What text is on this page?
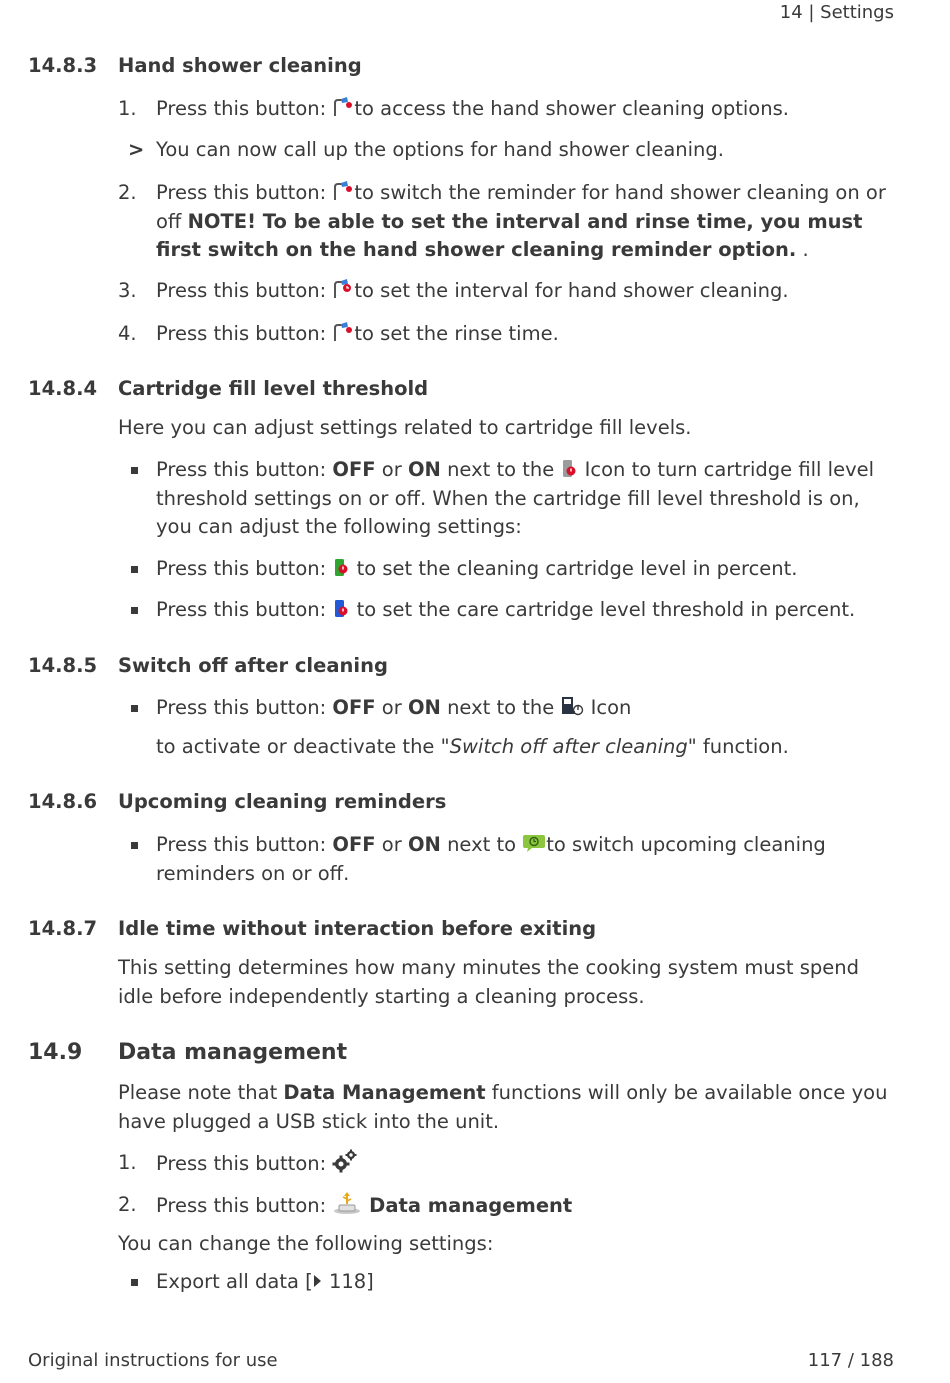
14 | Settings
14.8.3 Hand shower cleaning
1. Press this button:
to access the hand shower cleaning options.
> You can now call up the options for hand shower cleaning.
2. Press this button:
to switch the reminder for hand shower cleaning on or off NOTE! To be able to set the interval and rinse time, you must first switch on the hand shower cleaning reminder option. .
3. Press this button:
to set the interval for hand shower cleaning.
4. Press this button:
to set the rinse time.
14.8.4 Cartridge fill level threshold
Here you can adjust settings related to cartridge fill levels.
Press this button: OFF or ON next to the
Icon to turn cartridge fill level threshold settings on or off. When the cartridge fill level threshold is on, you can adjust the following settings:
Press this button:
to set the cleaning cartridge level in percent.
Press this button:
to set the care cartridge level threshold in percent.
14.8.5 Switch off after cleaning
Press this button: OFF or ON next to the
Icon
to activate or deactivate the "Switch off after cleaning" function.
14.8.6 Upcoming cleaning reminders
Press this button: OFF or ON next to
to switch upcoming cleaning reminders on or off.
14.8.7 Idle time without interaction before exiting
This setting determines how many minutes the cooking system must spend idle before independently starting a cleaning process.
14.9 Data management
Please note that Data Management functions will only be available once you have plugged a USB stick into the unit.
1. Press this button:
2. Press this button:
Data management
You can change the following settings:
Export all data [
118]
Original instructions for use	117 / 188
